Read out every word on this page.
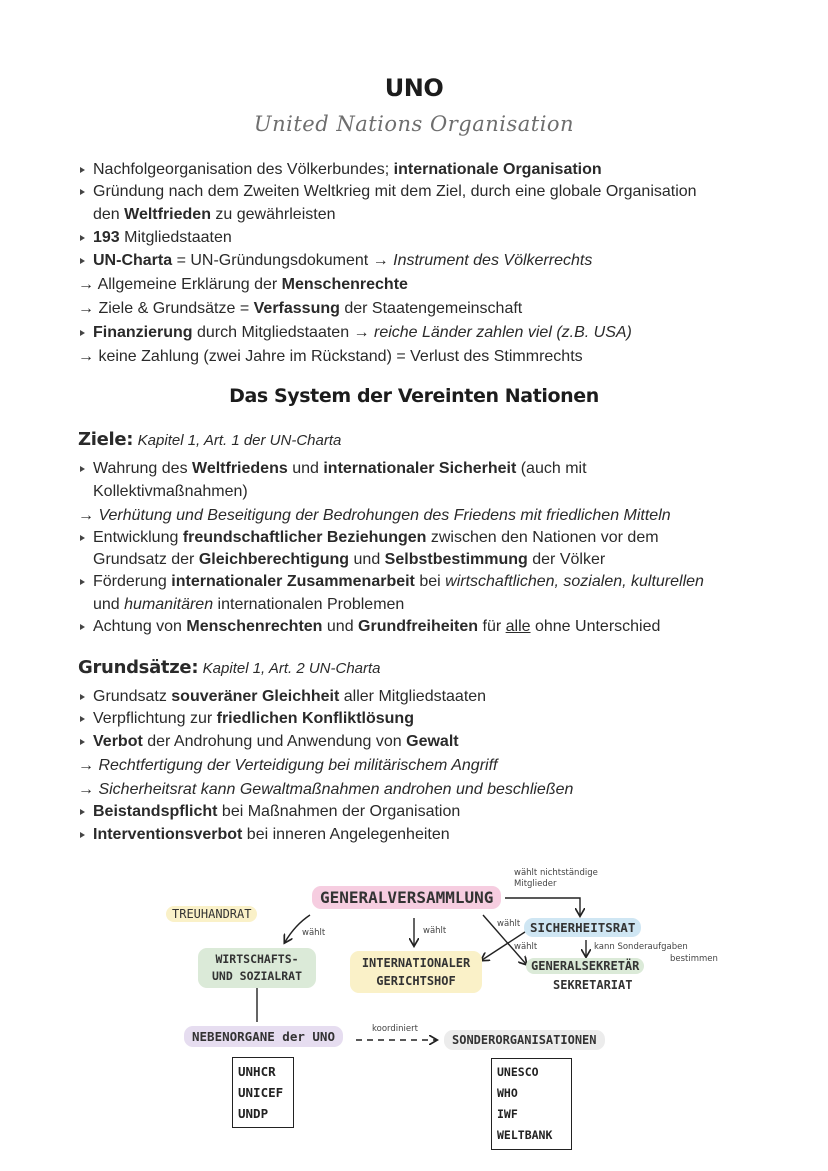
UNO
United Nations Organisation
Nachfolgeorganisation des Völkerbundes; internationale Organisation
Gründung nach dem Zweiten Weltkrieg mit dem Ziel, durch eine globale Organisation
den Weltfrieden zu gewährleisten
193 Mitgliedstaaten
UN-Charta = UN-Gründungsdokument → Instrument des Völkerrechts
→ Allgemeine Erklärung der Menschenrechte
→ Ziele & Grundsätze = Verfassung der Staatengemeinschaft
Finanzierung durch Mitgliedstaaten → reiche Länder zahlen viel (z.B. USA)
→ keine Zahlung (zwei Jahre im Rückstand) = Verlust des Stimmrechts
Das System der Vereinten Nationen
Ziele: Kapitel 1, Art. 1 der UN-Charta
Wahrung des Weltfriedens und internationaler Sicherheit (auch mit
Kollektivmaßnahmen)
→ Verhütung und Beseitigung der Bedrohungen des Friedens mit friedlichen Mitteln
Entwicklung freundschaftlicher Beziehungen zwischen den Nationen vor dem
Grundsatz der Gleichberechtigung und Selbstbestimmung der Völker
Förderung internationaler Zusammenarbeit bei wirtschaftlichen, sozialen, kulturellen
und humanitären internationalen Problemen
Achtung von Menschenrechten und Grundfreiheiten für alle ohne Unterschied
Grundsätze: Kapitel 1, Art. 2 UN-Charta
Grundsatz souveräner Gleichheit aller Mitgliedstaaten
Verpflichtung zur friedlichen Konfliktlösung
Verbot der Androhung und Anwendung von Gewalt
→ Rechtfertigung der Verteidigung bei militärischem Angriff
→ Sicherheitsrat kann Gewaltmaßnahmen androhen und beschließen
Beistandspflicht bei Maßnahmen der Organisation
Interventionsverbot bei inneren Angelegenheiten
wählt nichtständige
Mitglieder
GENERALVERSAMMLUNG
TREUHANDRAT
wählt	wählt
wählt
wählt
SICHERHEITSRAT
kann Sonderaufgaben
bestimmen
WIRTSCHAFTS-
UND SOZIALRAT
INTERNATIONALER
GERICHTSHOF
GENERALSEKRETÄR
SEKRETARIAT
NEBENORGANE der UNO	koordiniert
SONDERORGANISATIONEN
UNHCR
UNICEF
UNDP
UNESCO
WHO
IWF
WELTBANK
